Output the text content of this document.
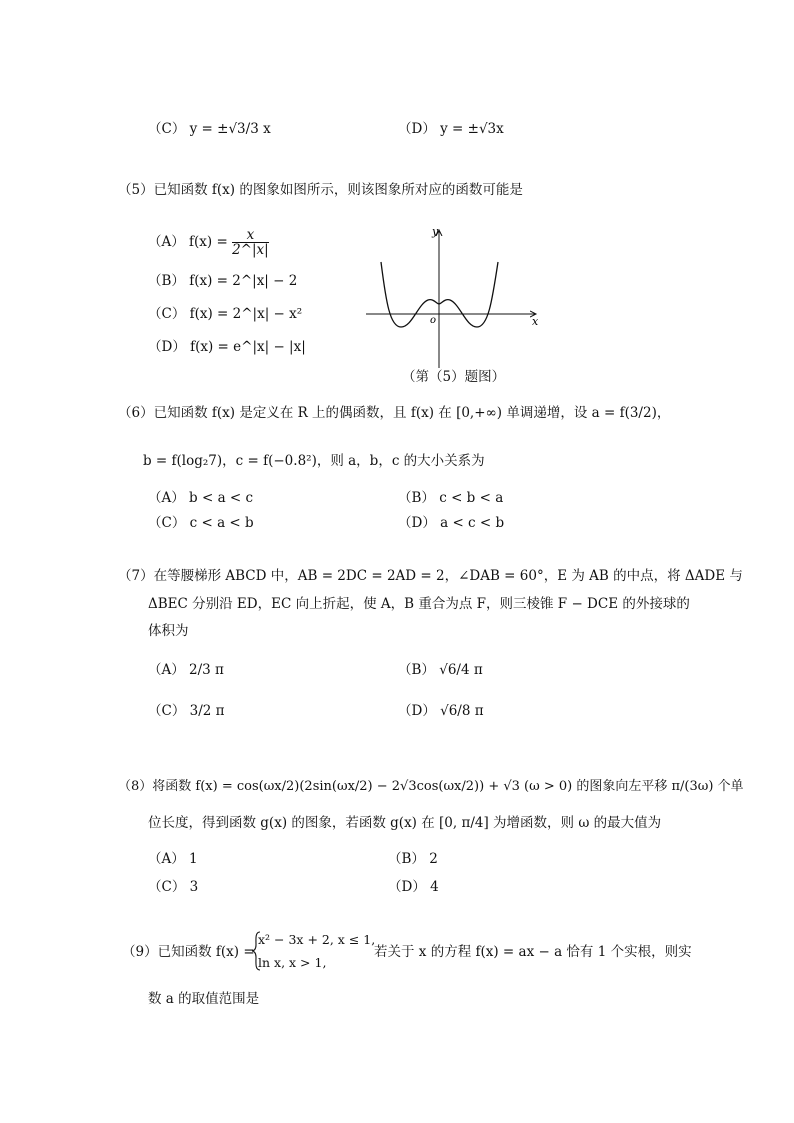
（C） y = ±√3/3 x	（D） y = ±√3x
（5）已知函数 f(x) 的图象如图所示，则该图象所对应的函数可能是
（A） $f(x) = \frac{x}{2\^{}|x|}$
（B） f(x) = 2^|x| − 2
（C） f(x) = 2^|x| − x²
（D） f(x) = e^|x| − |x|
y
x
o
（第（5）题图）
（6）已知函数 f(x) 是定义在 R 上的偶函数，且 f(x) 在 [0,+∞) 单调递增，设 a = f(3/2)，
b = f(log₂7)，c = f(−0.8²)，则 a，b，c 的大小关系为
（A） b < a < c	（B） c < b < a
（C） c < a < b	（D） a < c < b
（7）在等腰梯形 ABCD 中，AB = 2DC = 2AD = 2，∠DAB = 60°，E 为 AB 的中点，将 ΔADE 与
ΔBEC 分别沿 ED，EC 向上折起，使 A，B 重合为点 F，则三棱锥 F − DCE 的外接球的
体积为
（A） 2/3 π	（B） √6/4 π
（C） 3/2 π	（D） √6/8 π
（8）将函数 f(x) = cos(ωx/2)(2sin(ωx/2) − 2√3cos(ωx/2)) + √3 (ω > 0) 的图象向左平移 π/(3ω) 个单
位长度，得到函数 g(x) 的图象，若函数 g(x) 在 [0, π/4] 为增函数，则 ω 的最大值为
（A） 1	（B） 2
（C） 3	（D） 4
（9）已知函数 f(x) =
x² − 3x + 2, x ≤ 1,
ln x, x > 1,
若关于 x 的方程 f(x) = ax − a 恰有 1 个实根，则实
数 a 的取值范围是
